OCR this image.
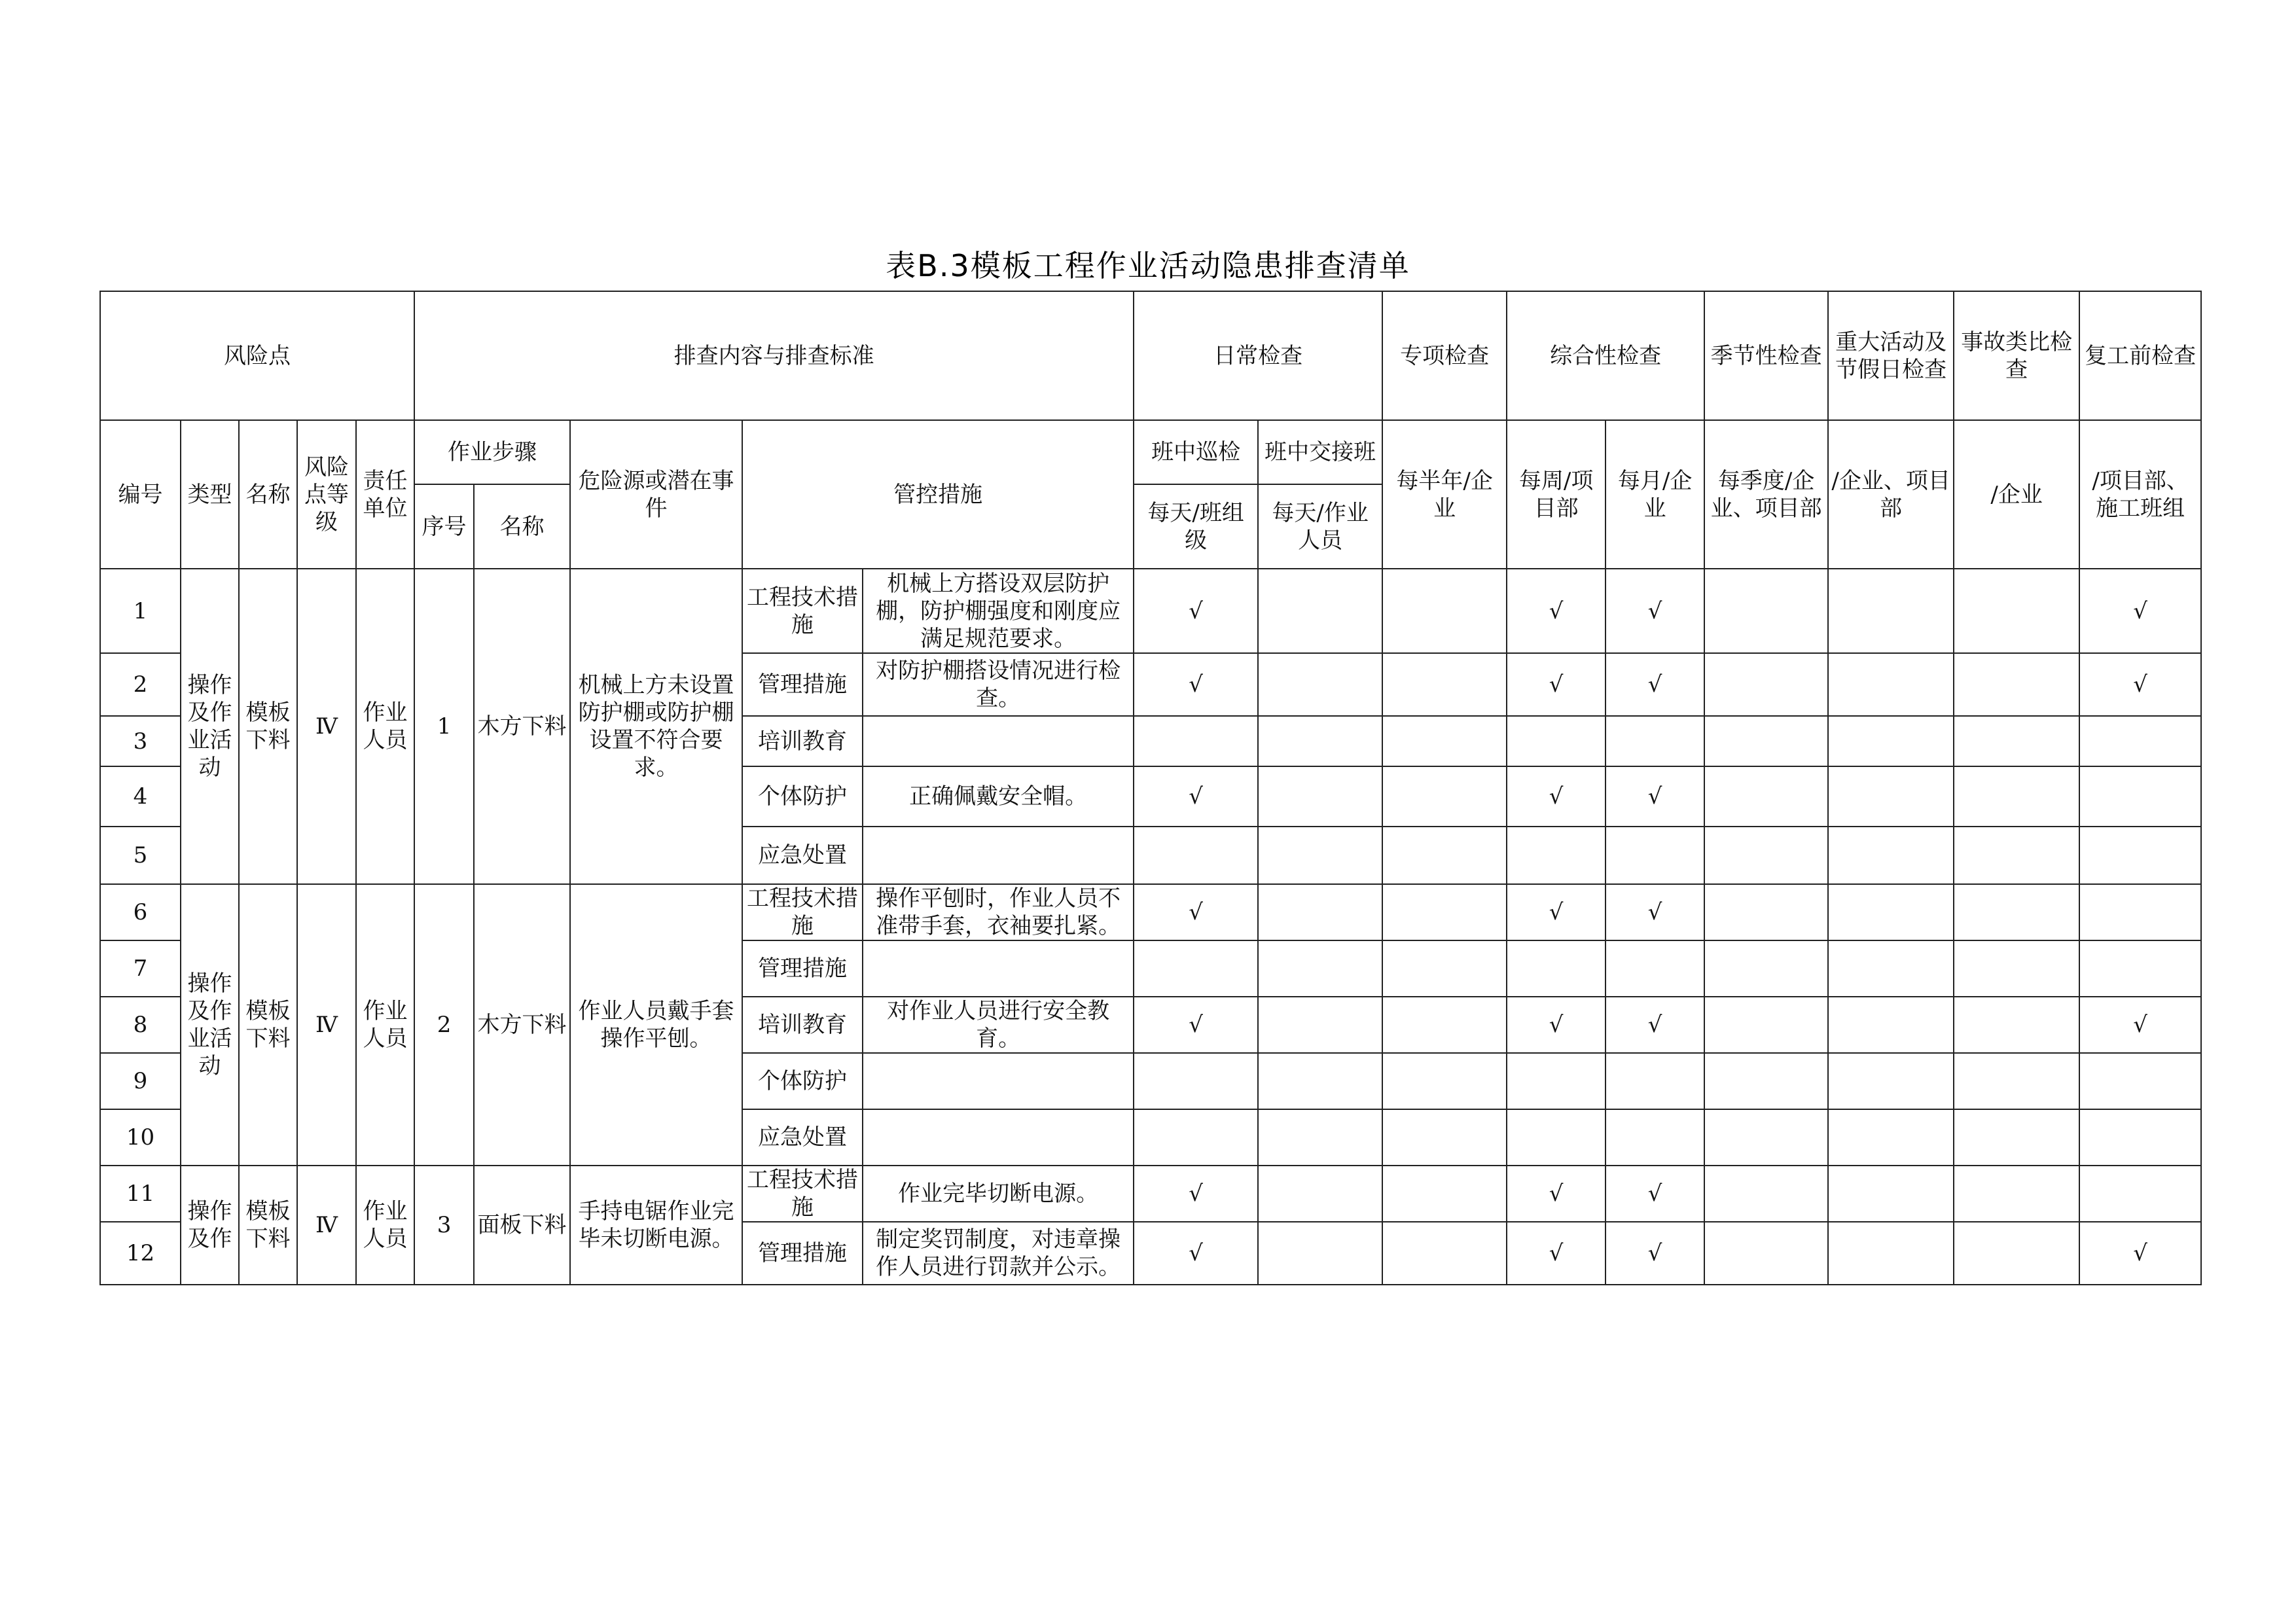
表B.3模板工程作业活动隐患排查清单
风险点					排查内容与排查标准					日常检查		专项检查	综合性检查		季节性检查	重大活动及节假日检查	事故类比检查	复工前检查
编号	类型	名称	风险点等级	责任单位	作业步骤		危险源或潜在事件	管控措施		班中巡检	班中交接班	每半年/企业	每周/项目部	每月/企业	每季度/企业、项目部	/企业、项目部	/企业	/项目部、施工班组
					序号	名称				每天/班组级	每天/作业人员							
1	操作及作业活动	模板下料	Ⅳ	作业人员	1	木方下料	机械上方未设置防护棚或防护棚设置不符合要求。	工程技术措施	机械上方搭设双层防护棚，防护棚强度和刚度应满足规范要求。	√			√	√				√
2								管理措施	对防护棚搭设情况进行检查。	√			√	√				√
3								培训教育										
4								个体防护	正确佩戴安全帽。	√			√	√				
5								应急处置										
6	操作及作业活动	模板下料	Ⅳ	作业人员	2	木方下料	作业人员戴手套操作平刨。	工程技术措施	操作平刨时，作业人员不准带手套，衣袖要扎紧。	√			√	√				
7								管理措施										
8								培训教育	对作业人员进行安全教育。	√			√	√				√
9								个体防护										
10								应急处置										
11	操作及作	模板下料	Ⅳ	作业人员	3	面板下料	手持电锯作业完毕未切断电源。	工程技术措施	作业完毕切断电源。	√			√	√				
12								管理措施	制定奖罚制度，对违章操作人员进行罚款并公示。	√			√	√				√
